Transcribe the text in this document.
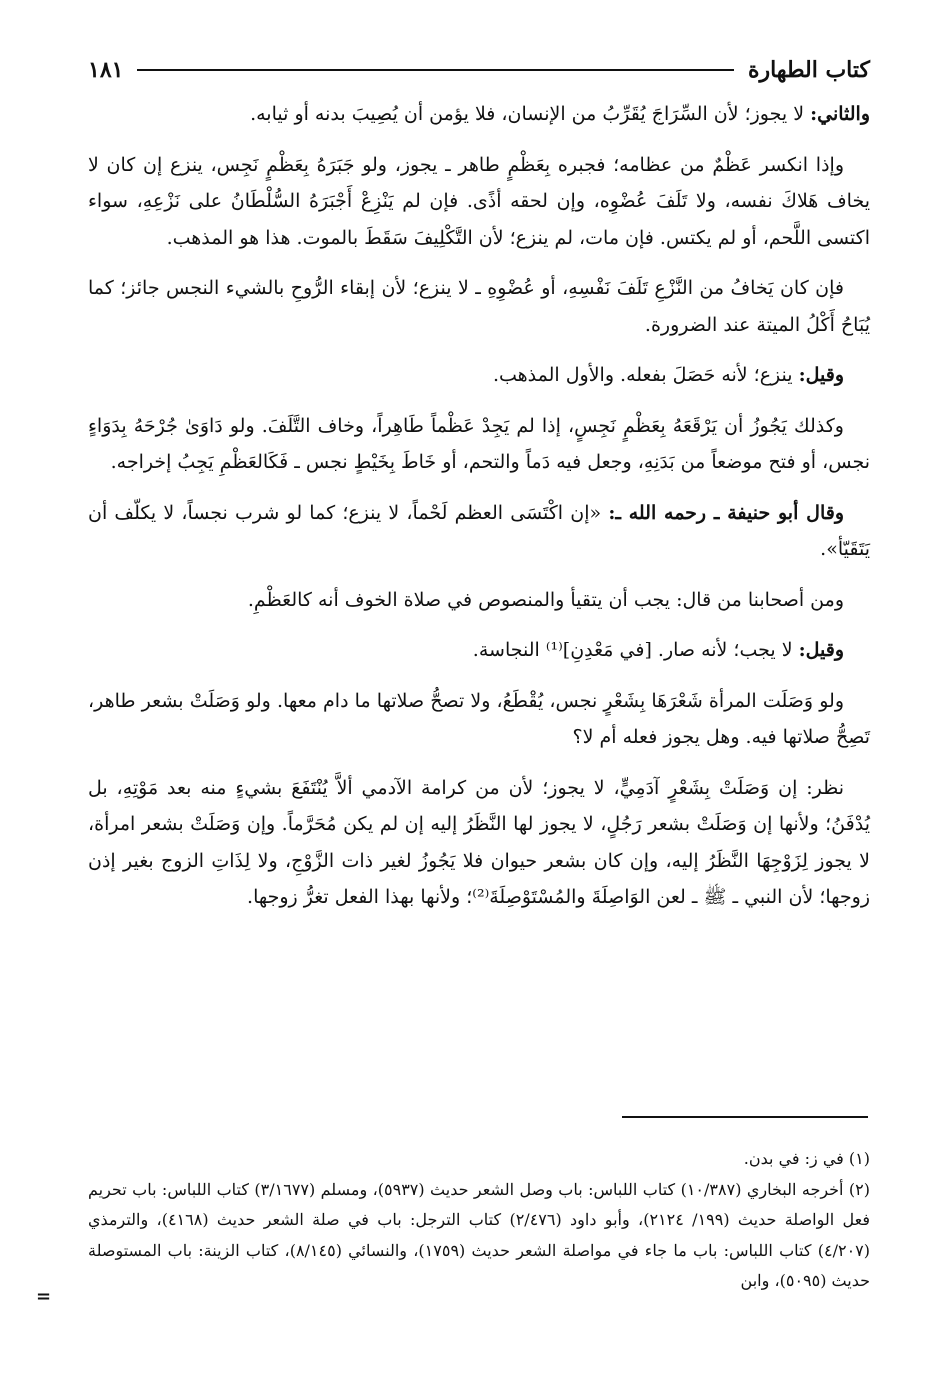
كتاب الطهارة
١٨١

والثاني: لا يجوز؛ لأن السِّرَاجَ يُقَرِّبُ من الإنسان، فلا يؤمن أن يُصِيبَ بدنه أو ثيابه.

وإذا انكسر عَظْمٌ من عظامه؛ فجبره بِعَظْمٍ طاهر ـ يجوز، ولو جَبَرَهُ بِعَظْمٍ نَجِس، ينزع إن كان لا يخاف هَلاكَ نفسه، ولا تَلَفَ عُضْوِه، وإن لحقه أذًى. فإن لم يَنْزِعْ أَجْبَرَهُ السُّلْطَانُ على نَزْعِهِ، سواء اكتسى اللَّحم، أو لم يكتس. فإن مات، لم ينزع؛ لأن التَّكْلِيفَ سَقَطَ بالموت. هذا هو المذهب.

فإن كان يَخافُ من النَّزْعِ تَلَفَ نَفْسِهِ، أو عُضْوِهِ ـ لا ينزع؛ لأن إبقاء الرُّوحِ بالشيء النجس جائز؛ كما يُبَاحُ أَكْلُ الميتة عند الضرورة.

وقيل: ينزع؛ لأنه حَصَلَ بفعله. والأول المذهب.

وكذلك يَجُوزُ أن يَرْقَعَهُ بِعَظْمٍ نَجِسٍ، إذا لم يَجِدْ عَظْماً طَاهِراً، وخاف التَّلَفَ. ولو دَاوَىٰ جُرْحَهُ بِدَوَاءٍ نجس، أو فتح موضعاً من بَدَنِهِ، وجعل فيه دَماً والتحم، أو خَاطَ بِخَيْطٍ نجس ـ فَكَالعَظْمِ يَجِبُ إخراجه.

وقال أبو حنيفة ـ رحمه الله ـ: «إن اكْتَسَى العظم لَحْماً، لا ينزع؛ كما لو شرب نجساً، لا يكلّف أن يَتَقَيّأ».

ومن أصحابنا من قال: يجب أن يتقيأ والمنصوص في صلاة الخوف أنه كالعَظْمِ.

وقيل: لا يجب؛ لأنه صار. [في مَعْدِنِ]⁽¹⁾ النجاسة.

ولو وَصَلَت المرأة شَعْرَهَا بِشَعْرٍ نجس، يُقْطَعُ، ولا تصحُّ صلاتها ما دام معها. ولو وَصَلَتْ بشعر طاهر، تَصِحُّ صلاتها فيه. وهل يجوز فعله أم لا؟

نظر: إن وَصَلَتْ بِشَعْرٍ آدَمِيٍّ، لا يجوز؛ لأن من كرامة الآدمي ألاَّ يُنْتَفَعَ بشيءٍ منه بعد مَوْتِهِ، بل يُدْفَنُ؛ ولأنها إن وَصَلَتْ بشعر رَجُلٍ، لا يجوز لها النَّظَرُ إليه إن لم يكن مُحَرَّماً. وإن وَصَلَتْ بشعر امرأة، لا يجوز لِزَوْجِهَا النَّظَرُ إليه، وإن كان بشعر حيوان فلا يَجُوزُ لغير ذات الزَّوْجِ، ولا لِذَاتِ الزوج بغير إذن زوجها؛ لأن النبي ـ ﷺ ـ لعن الوَاصِلَةَ والمُسْتَوْصِلَةَ⁽²⁾؛ ولأنها بهذا الفعل تغرُّ زوجها.

(١) في ز: في بدن.

(٢) أخرجه البخاري (١٠/٣٨٧) كتاب اللباس: باب وصل الشعر حديث (٥٩٣٧)، ومسلم (٣/١٦٧٧) كتاب اللباس: باب تحريم فعل الواصلة حديث (١٩٩/ ٢١٢٤)، وأبو داود (٢/٤٧٦) كتاب الترجل: باب في صلة الشعر حديث (٤١٦٨)، والترمذي (٤/٢٠٧) كتاب اللباس: باب ما جاء في مواصلة الشعر حديث (١٧٥٩)، والنسائي (٨/١٤٥)، كتاب الزينة: باب المستوصلة حديث (٥٠٩٥)، وابن

=
